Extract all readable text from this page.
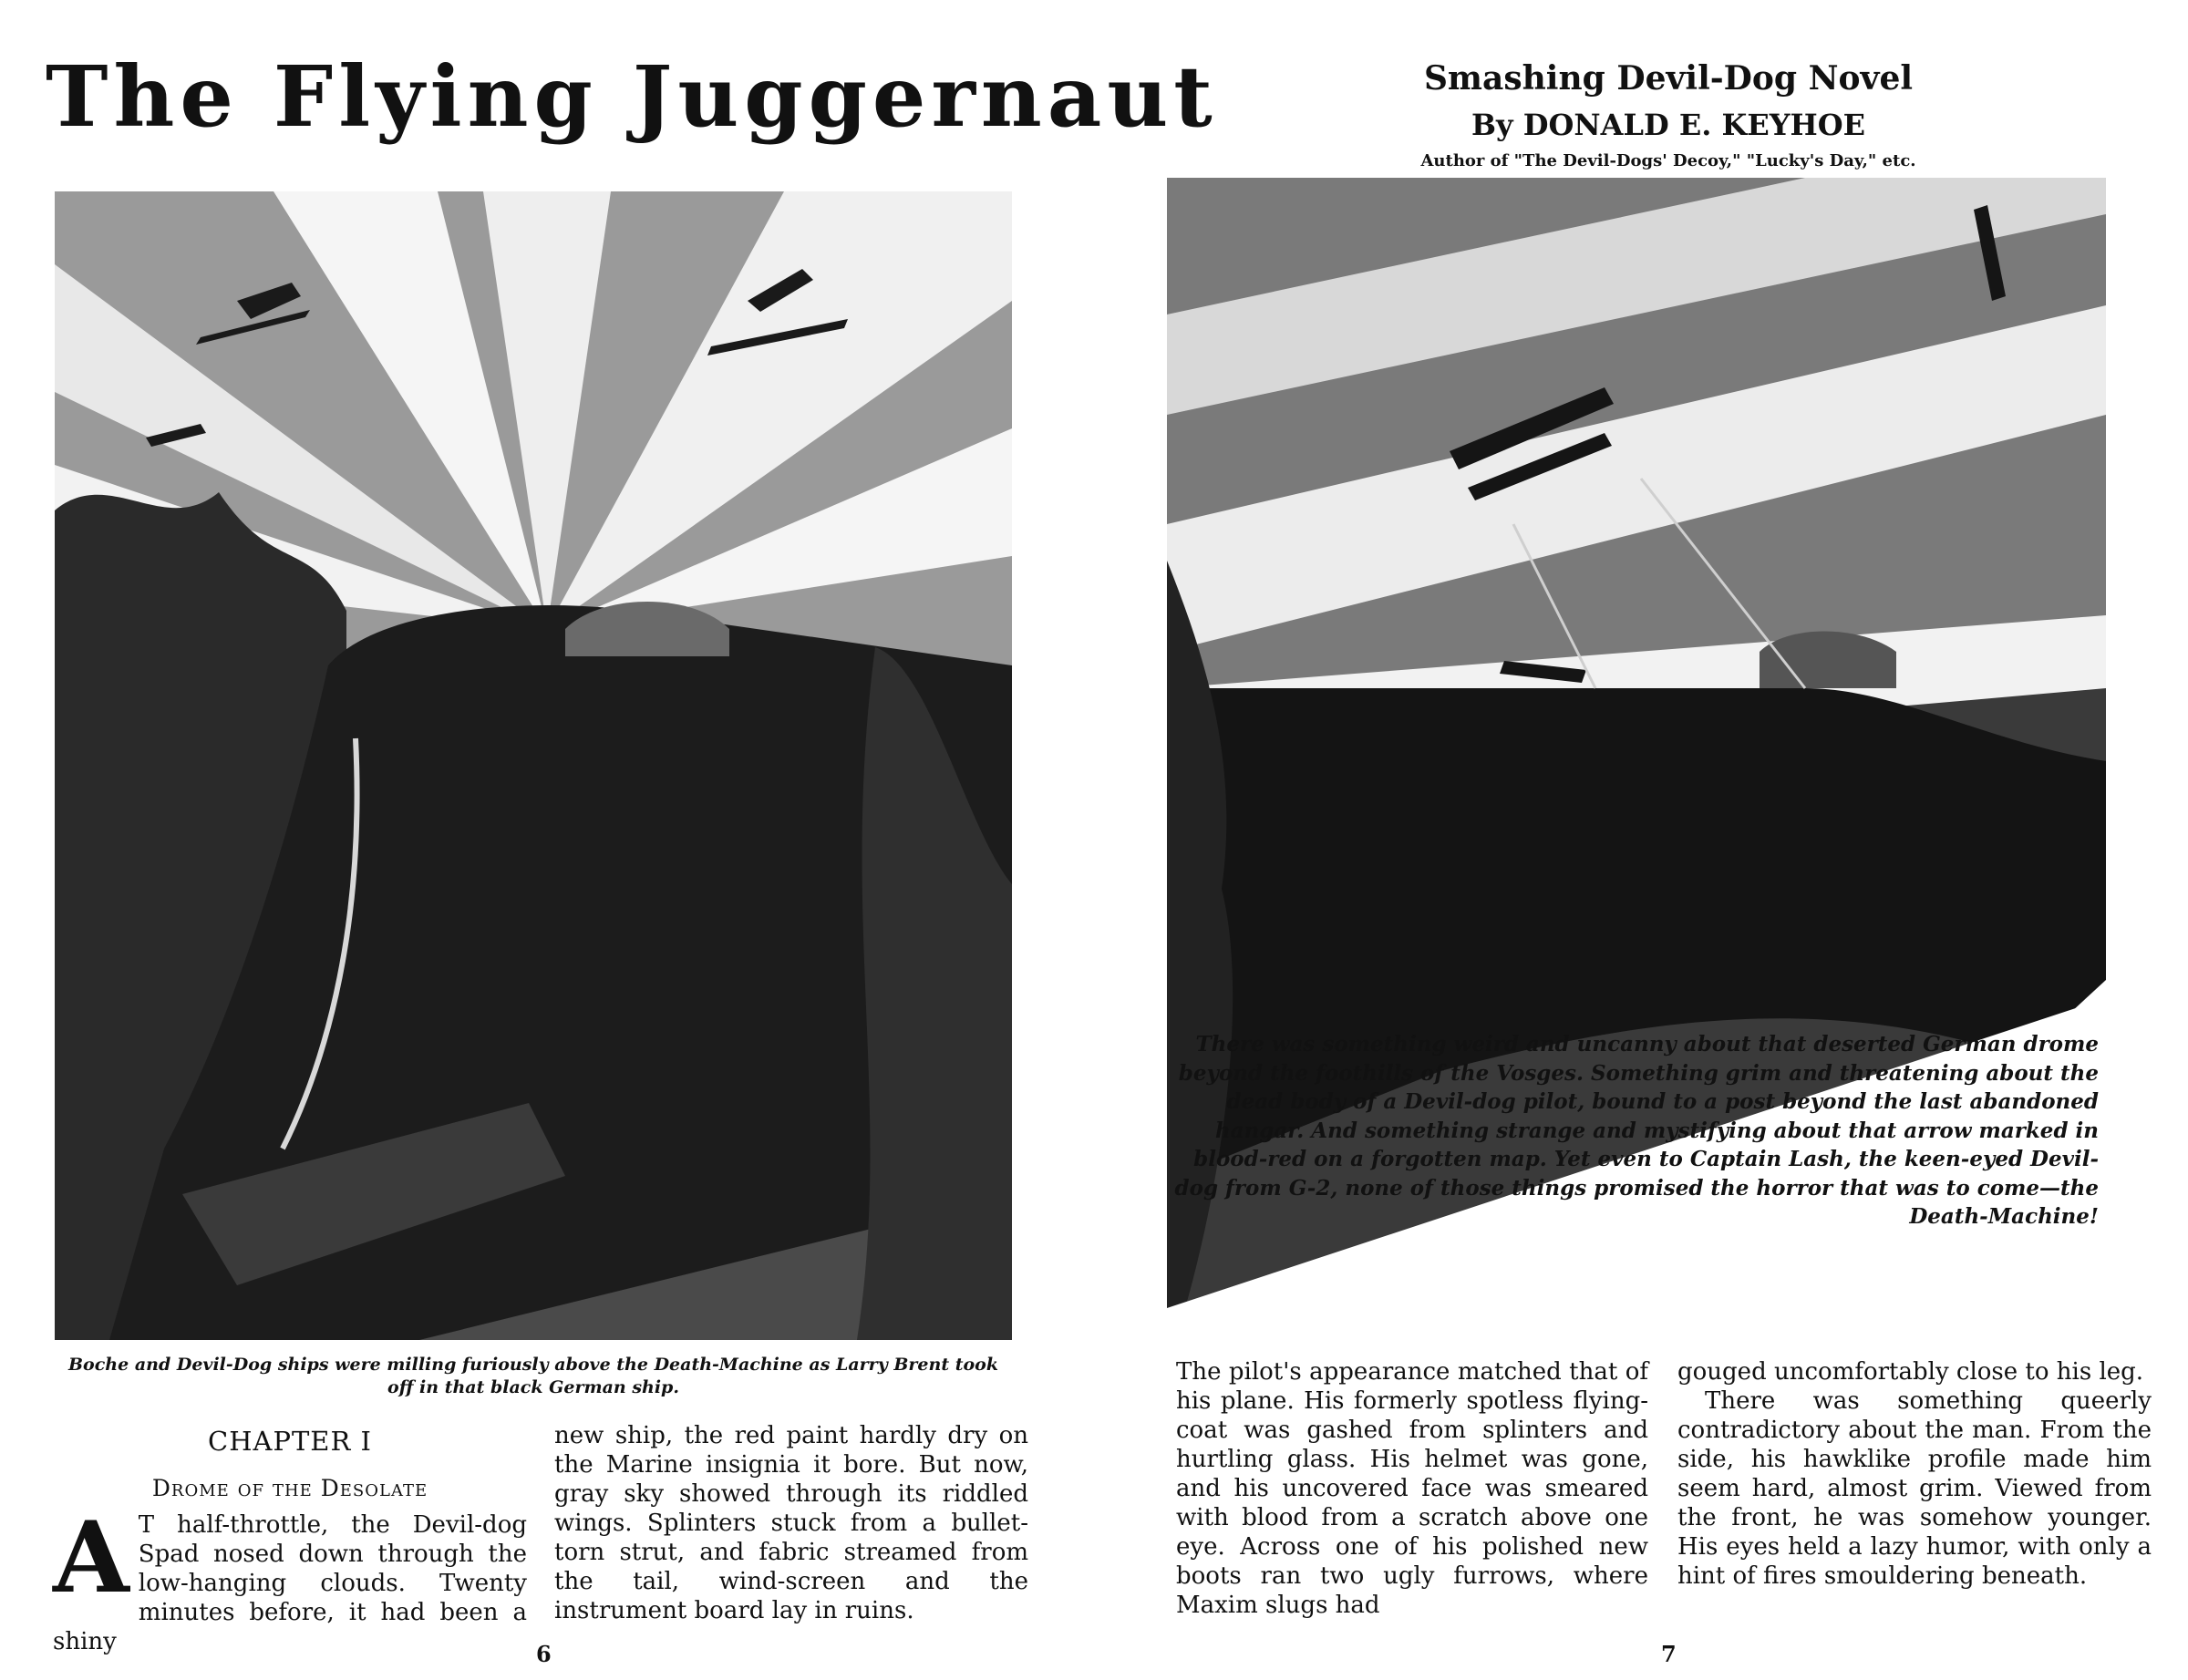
The Flying Juggernaut
Boche and Devil-Dog ships were milling furiously above the Death-Machine as Larry Brent took off in that black German ship.
CHAPTER I
Drome of the Desolate
A T half-throttle, the Devil-dog Spad nosed down through the low-hanging clouds. Twenty minutes before, it had been a shiny
new ship, the red paint hardly dry on the Marine insignia it bore. But now, gray sky showed through its riddled wings. Splinters stuck from a bullet-torn strut, and fabric streamed from the tail, wind-screen and the instrument board lay in ruins.
6
Smashing Devil-Dog Novel
By DONALD E. KEYHOE
Author of "The Devil-Dogs' Decoy," "Lucky's Day," etc.
There was something weird and uncanny about that deserted German drome beyond the foothills of the Vosges. Something grim and threatening about the dead body of a Devil-dog pilot, bound to a post beyond the last abandoned hangar. And something strange and mystifying about that arrow marked in blood-red on a forgotten map. Yet even to Captain Lash, the keen-eyed Devil-dog from G-2, none of those things promised the horror that was to come—the Death-Machine!
The pilot's appearance matched that of his plane. His formerly spotless flying-coat was gashed from splinters and hurtling glass. His helmet was gone, and his uncovered face was smeared with blood from a scratch above one eye. Across one of his polished new boots ran two ugly furrows, where Maxim slugs had
gouged uncomfortably close to his leg.
There was something queerly contradictory about the man. From the side, his hawklike profile made him seem hard, almost grim. Viewed from the front, he was somehow younger. His eyes held a lazy humor, with only a hint of fires smouldering beneath.
7
